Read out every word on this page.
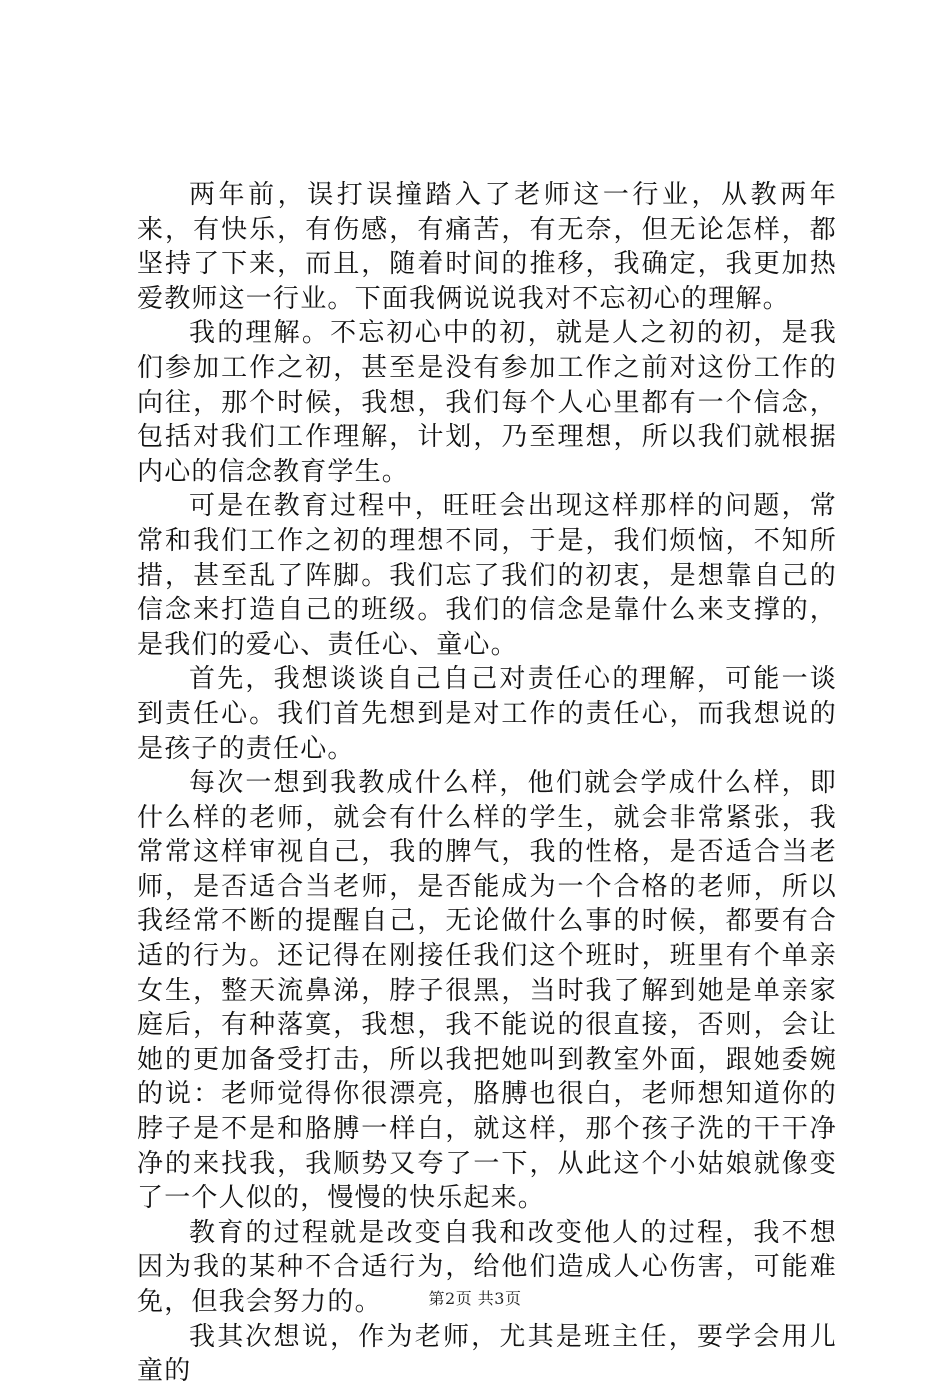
两年前，误打误撞踏入了老师这一行业，从教两年来，有快乐，有伤感，有痛苦，有无奈，但无论怎样，都坚持了下来，而且，随着时间的推移，我确定，我更加热爱教师这一行业。下面我俩说说我对不忘初心的理解。

我的理解。不忘初心中的初，就是人之初的初，是我们参加工作之初，甚至是没有参加工作之前对这份工作的向往，那个时候，我想，我们每个人心里都有一个信念，包括对我们工作理解，计划，乃至理想，所以我们就根据内心的信念教育学生。

可是在教育过程中，旺旺会出现这样那样的问题，常常和我们工作之初的理想不同，于是，我们烦恼，不知所措，甚至乱了阵脚。我们忘了我们的初衷，是想靠自己的信念来打造自己的班级。我们的信念是靠什么来支撑的，是我们的爱心、责任心、童心。

首先，我想谈谈自己自己对责任心的理解，可能一谈到责任心。我们首先想到是对工作的责任心，而我想说的是孩子的责任心。

每次一想到我教成什么样，他们就会学成什么样，即什么样的老师，就会有什么样的学生，就会非常紧张，我常常这样审视自己，我的脾气，我的性格，是否适合当老师，是否适合当老师，是否能成为一个合格的老师，所以我经常不断的提醒自己，无论做什么事的时候，都要有合适的行为。还记得在刚接任我们这个班时，班里有个单亲女生，整天流鼻涕，脖子很黑，当时我了解到她是单亲家庭后，有种落寞，我想，我不能说的很直接，否则，会让她的更加备受打击，所以我把她叫到教室外面，跟她委婉的说：老师觉得你很漂亮，胳膊也很白，老师想知道你的脖子是不是和胳膊一样白，就这样，那个孩子洗的干干净净的来找我，我顺势又夸了一下，从此这个小姑娘就像变了一个人似的，慢慢的快乐起来。

教育的过程就是改变自我和改变他人的过程，我不想因为我的某种不合适行为，给他们造成人心伤害，可能难免，但我会努力的。

我其次想说，作为老师，尤其是班主任，要学会用儿童的

第2页 共3页
